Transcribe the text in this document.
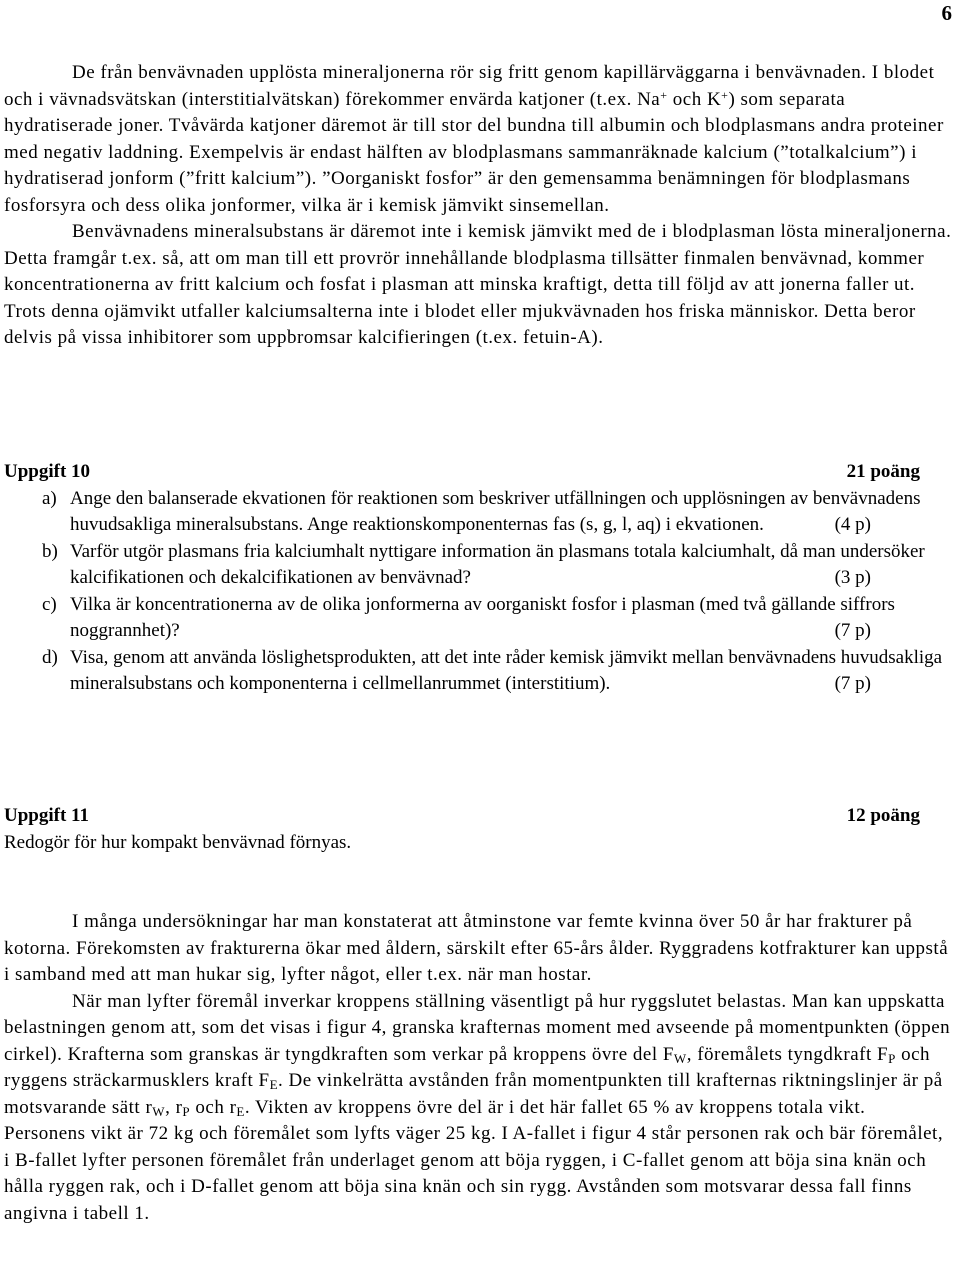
6

De från benvävnaden upplösta mineraljonerna rör sig fritt genom kapillärväggarna i benvävnaden. I blodet och i vävnadsvätskan (interstitialvätskan) förekommer envärda katjoner (t.ex. Na+ och K+) som separata hydratiserade joner. Tvåvärda katjoner däremot är till stor del bundna till albumin och blodplasmans andra proteiner med negativ laddning. Exempelvis är endast hälften av blodplasmans sammanräknade kalcium (”totalkalcium”) i hydratiserad jonform (”fritt kalcium”). ”Oorganiskt fosfor” är den gemensamma benämningen för blodplasmans fosforsyra och dess olika jonformer, vilka är i kemisk jämvikt sinsemellan.

Benvävnadens mineralsubstans är däremot inte i kemisk jämvikt med de i blodplasman lösta mineraljonerna. Detta framgår t.ex. så, att om man till ett provrör innehållande blodplasma tillsätter finmalen benvävnad, kommer koncentrationerna av fritt kalcium och fosfat i plasman att minska kraftigt, detta till följd av att jonerna faller ut. Trots denna ojämvikt utfaller kalciumsalterna inte i blodet eller mjukvävnaden hos friska människor. Detta beror delvis på vissa inhibitorer som uppbromsar kalcifieringen (t.ex. fetuin-A).

Uppgift 10	21 poäng
a) Ange den balanserade ekvationen för reaktionen som beskriver utfällningen och upplösningen av benvävnadens huvudsakliga mineralsubstans. Ange reaktionskomponenternas fas (s, g, l, aq) i ekvationen.	(4 p)
b) Varför utgör plasmans fria kalciumhalt nyttigare information än plasmans totala kalciumhalt, då man undersöker kalcifikationen och dekalcifikationen av benvävnad?	(3 p)
c) Vilka är koncentrationerna av de olika jonformerna av oorganiskt fosfor i plasman (med två gällande siffrors noggrannhet)?	(7 p)
d) Visa, genom att använda löslighetsprodukten, att det inte råder kemisk jämvikt mellan benvävnadens huvudsakliga mineralsubstans och komponenterna i cellmellanrummet (interstitium).	(7 p)
Uppgift 11	12 poäng

Redogör för hur kompakt benvävnad förnyas.

I många undersökningar har man konstaterat att åtminstone var femte kvinna över 50 år har frakturer på kotorna. Förekomsten av frakturerna ökar med åldern, särskilt efter 65-års ålder. Ryggradens kotfrakturer kan uppstå i samband med att man hukar sig, lyfter något, eller t.ex. när man hostar.

När man lyfter föremål inverkar kroppens ställning väsentligt på hur ryggslutet belastas. Man kan uppskatta belastningen genom att, som det visas i figur 4, granska krafternas moment med avseende på momentpunkten (öppen cirkel). Krafterna som granskas är tyngdkraften som verkar på kroppens övre del $F_W$, föremålets tyngdkraft $F_P$ och ryggens sträckarmusklers kraft $F_E$. De vinkelrätta avstånden från momentpunkten till krafternas riktningslinjer är på motsvarande sätt $r_W$, $r_P$ och $r_E$. Vikten av kroppens övre del är i det här fallet 65 % av kroppens totala vikt. Personens vikt är 72 kg och föremålet som lyfts väger 25 kg. I A-fallet i figur 4 står personen rak och bär föremålet, i B-fallet lyfter personen föremålet från underlaget genom att böja ryggen, i C-fallet genom att böja sina knän och hålla ryggen rak, och i D-fallet genom att böja sina knän och sin rygg. Avstånden som motsvarar dessa fall finns angivna i tabell 1.
